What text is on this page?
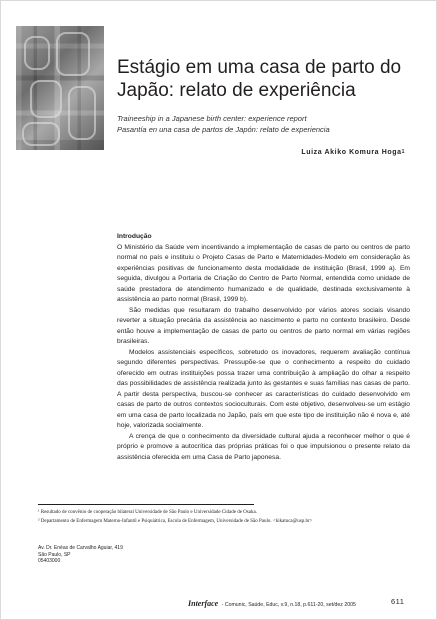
Estágio em uma casa de parto do Japão: relato de experiência
Traineeship in a Japanese birth center: experience report
Pasantía en una casa de partos de Japón: relato de experiencia
Luiza Akiko Komura Hoga$^1$
Introdução

O Ministério da Saúde vem incentivando a implementação de casas de parto ou centros de parto normal no país e instituiu o Projeto Casas de Parto e Maternidades-Modelo em consideração às experiências positivas de funcionamento desta modalidade de instituição (Brasil, 1999 a). Em seguida, divulgou a Portaria de Criação do Centro de Parto Normal, entendida como unidade de saúde prestadora de atendimento humanizado e de qualidade, destinada exclusivamente à assistência ao parto normal (Brasil, 1999 b).

São medidas que resultaram do trabalho desenvolvido por vários atores sociais visando reverter a situação precária da assistência ao nascimento e parto no contexto brasileiro. Desde então houve a implementação de casas de parto ou centros de parto normal em várias regiões brasileiras.

Modelos assistenciais específicos, sobretudo os inovadores, requerem avaliação contínua segundo diferentes perspectivas. Pressupõe-se que o conhecimento a respeito do cuidado oferecido em outras instituições possa trazer uma contribuição à ampliação do olhar a respeito das possibilidades de assistência realizada junto às gestantes e suas famílias nas casas de parto. A partir desta perspectiva, buscou-se conhecer as características do cuidado desenvolvido em casas de parto de outros contextos socioculturais. Com este objetivo, desenvolveu-se um estágio em uma casa de parto localizada no Japão, país em que este tipo de instituição não é nova e, até hoje, valorizada socialmente.

A crença de que o conhecimento da diversidade cultural ajuda a reconhecer melhor o que é próprio e promove a autocrítica das próprias práticas foi o que impulsionou o presente relato da assistência oferecida em uma Casa de Parto japonesa.

¹ Resultado de convênio de cooperação bilateral Universidade de São Paulo e Universidade Cidade de Osaka.
² Departamento de Enfermagem Materno-Infantil e Psiquiátrica, Escola de Enfermagem, Universidade de São Paulo. <kikatuca@usp.br>
Av. Dr. Enéas de Carvalho Aguiar, 419
São Paulo, SP
05403000
Interface - Comunic, Saúde, Educ, v.9, n.18, p.611-20, set/dez 2005	611
